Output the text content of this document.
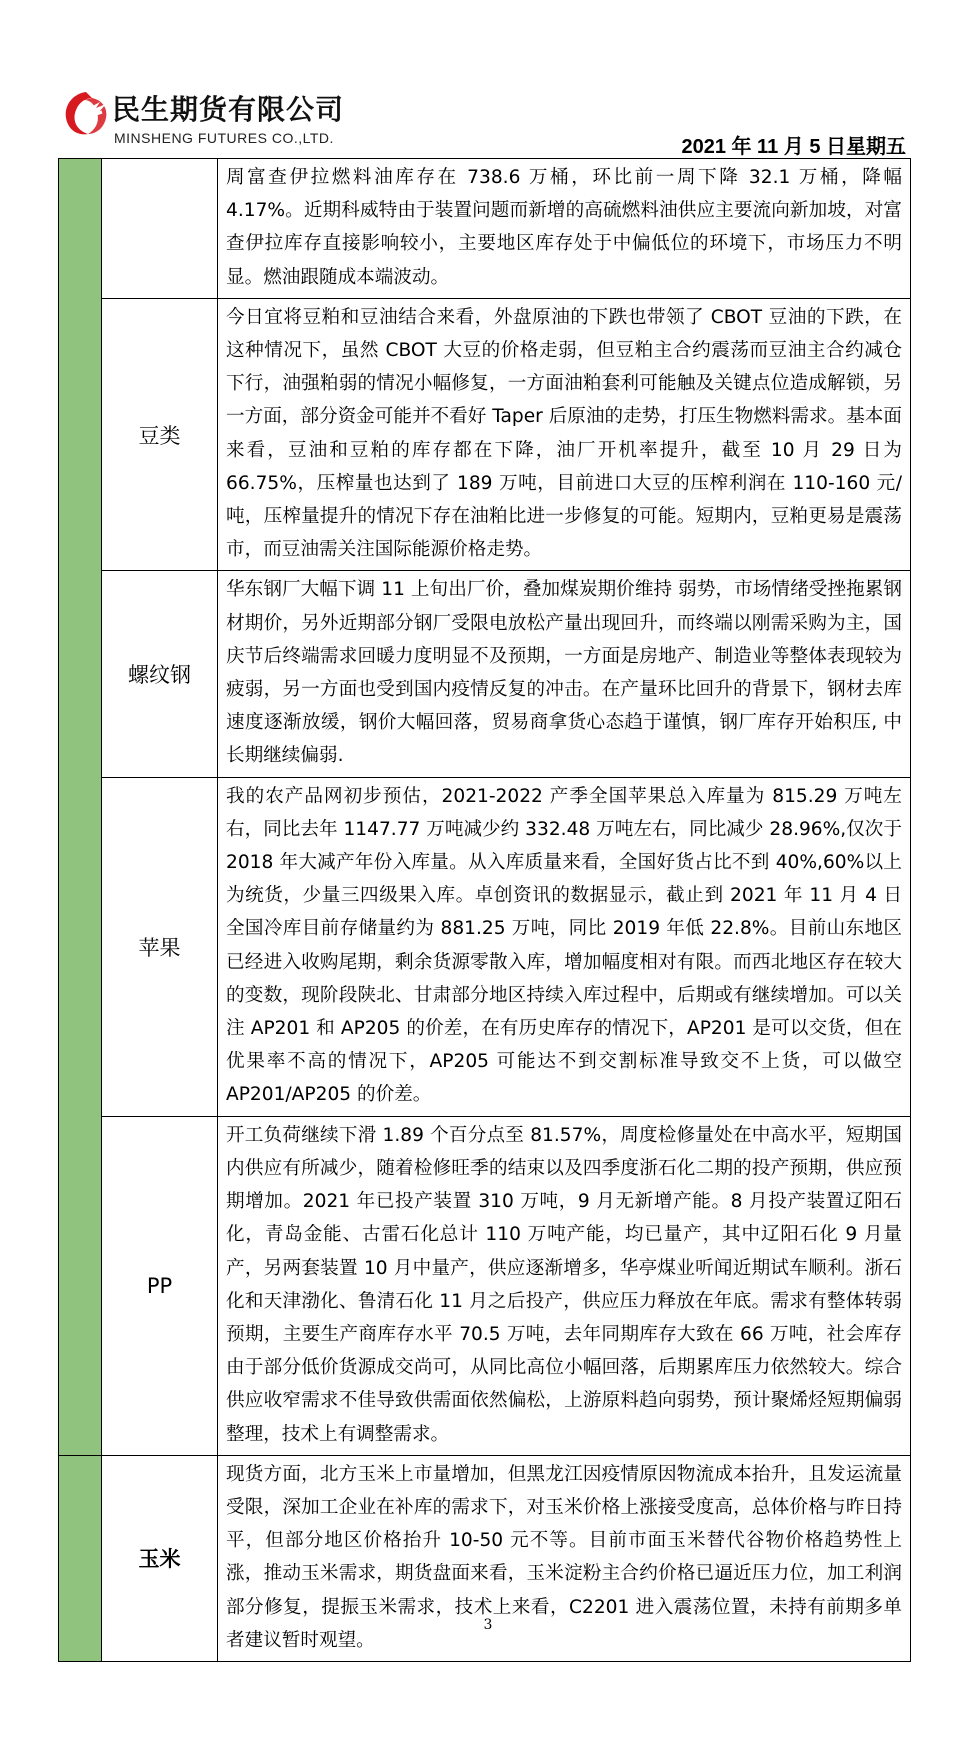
民生期货有限公司
MINSHENG FUTURES CO.,LTD.	2021 年 11 月 5 日星期五
		周富查伊拉燃料油库存在 738.6 万桶，环比前一周下降 32.1 万桶，降幅 4.17%。近期科威特由于装置问题而新增的高硫燃料油供应主要流向新加坡，对富查伊拉库存直接影响较小，主要地区库存处于中偏低位的环境下，市场压力不明显。燃油跟随成本端波动。
	豆类	今日宜将豆粕和豆油结合来看，外盘原油的下跌也带领了 CBOT 豆油的下跌，在这种情况下，虽然 CBOT 大豆的价格走弱，但豆粕主合约震荡而豆油主合约减仓下行，油强粕弱的情况小幅修复，一方面油粕套利可能触及关键点位造成解锁，另一方面，部分资金可能并不看好 Taper 后原油的走势，打压生物燃料需求。基本面来看，豆油和豆粕的库存都在下降，油厂开机率提升，截至 10 月 29 日为 66.75%，压榨量也达到了 189 万吨，目前进口大豆的压榨利润在 110-160 元/吨，压榨量提升的情况下存在油粕比进一步修复的可能。短期内，豆粕更易是震荡市，而豆油需关注国际能源价格走势。
	螺纹钢	华东钢厂大幅下调 11 上旬出厂价，叠加煤炭期价维持 弱势，市场情绪受挫拖累钢材期价，另外近期部分钢厂受限电放松产量出现回升，而终端以刚需采购为主，国庆节后终端需求回暖力度明显不及预期，一方面是房地产、制造业等整体表现较为疲弱，另一方面也受到国内疫情反复的冲击。在产量环比回升的背景下，钢材去库速度逐渐放缓，钢价大幅回落，贸易商拿货心态趋于谨慎，钢厂库存开始积压, 中长期继续偏弱.
	苹果	我的农产品网初步预估，2021-2022 产季全国苹果总入库量为 815.29 万吨左右，同比去年 1147.77 万吨减少约 332.48 万吨左右，同比减少 28.96%,仅次于 2018 年大减产年份入库量。从入库质量来看，全国好货占比不到 40%,60%以上为统货，少量三四级果入库。卓创资讯的数据显示，截止到 2021 年 11 月 4 日全国冷库目前存储量约为 881.25 万吨，同比 2019 年低 22.8%。目前山东地区已经进入收购尾期，剩余货源零散入库，增加幅度相对有限。而西北地区存在较大的变数，现阶段陕北、甘肃部分地区持续入库过程中，后期或有继续增加。可以关注 AP201 和 AP205 的价差，在有历史库存的情况下，AP201 是可以交货，但在优果率不高的情况下，AP205 可能达不到交割标准导致交不上货，可以做空 AP201/AP205 的价差。
	PP	开工负荷继续下滑 1.89 个百分点至 81.57%，周度检修量处在中高水平，短期国内供应有所减少，随着检修旺季的结束以及四季度浙石化二期的投产预期，供应预期增加。2021 年已投产装置 310 万吨，9 月无新增产能。8 月投产装置辽阳石化，青岛金能、古雷石化总计 110 万吨产能，均已量产，其中辽阳石化 9 月量产，另两套装置 10 月中量产，供应逐渐增多，华亭煤业听闻近期试车顺利。浙石化和天津渤化、鲁清石化 11 月之后投产，供应压力释放在年底。需求有整体转弱预期，主要生产商库存水平 70.5 万吨，去年同期库存大致在 66 万吨，社会库存由于部分低价货源成交尚可，从同比高位小幅回落，后期累库压力依然较大。综合供应收窄需求不佳导致供需面依然偏松，上游原料趋向弱势，预计聚烯烃短期偏弱整理，技术上有调整需求。
	玉米	现货方面，北方玉米上市量增加，但黑龙江因疫情原因物流成本抬升，且发运流量受限，深加工企业在补库的需求下，对玉米价格上涨接受度高，总体价格与昨日持平，但部分地区价格抬升 10-50 元不等。目前市面玉米替代谷物价格趋势性上涨，推动玉米需求，期货盘面来看，玉米淀粉主合约价格已逼近压力位，加工利润部分修复，提振玉米需求，技术上来看，C2201 进入震荡位置，未持有前期多单者建议暂时观望。
3
